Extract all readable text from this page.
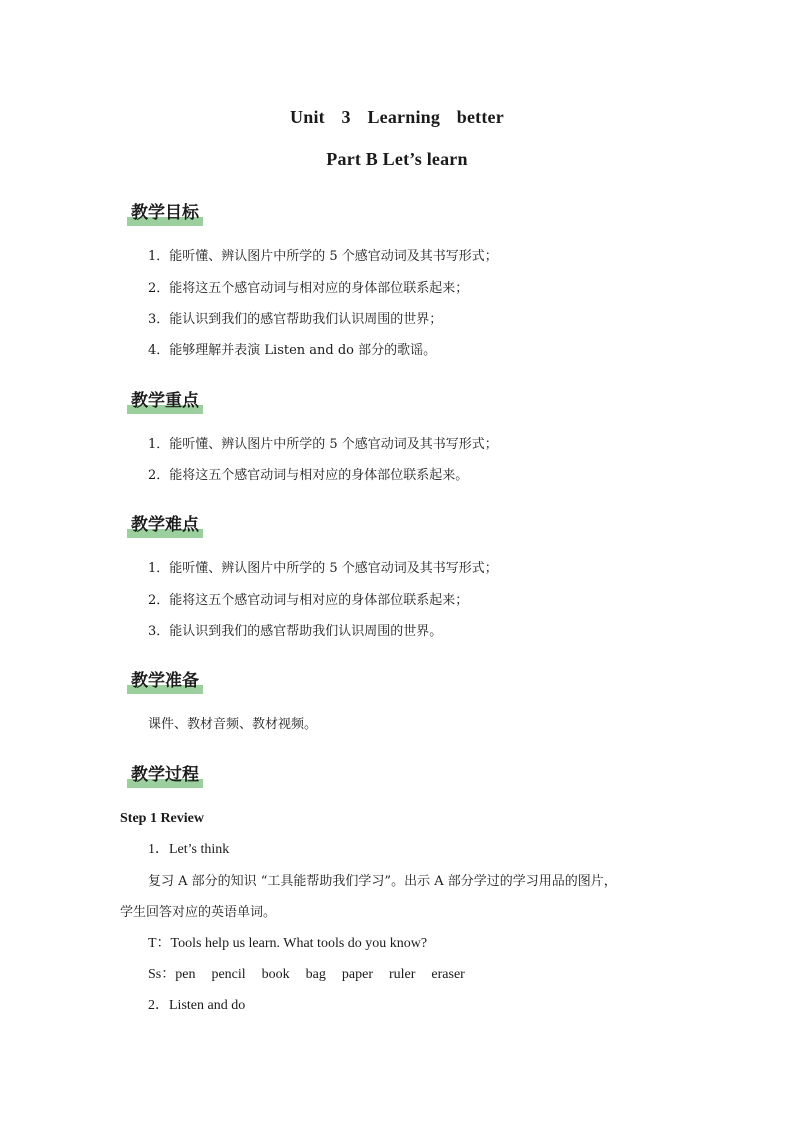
Unit 3 Learning better
Part B Let’s learn
教学目标
1．能听懂、辨认图片中所学的 5 个感官动词及其书写形式；
2．能将这五个感官动词与相对应的身体部位联系起来；
3．能认识到我们的感官帮助我们认识周围的世界；
4．能够理解并表演 Listen and do 部分的歌谣。
教学重点
1．能听懂、辨认图片中所学的 5 个感官动词及其书写形式；
2．能将这五个感官动词与相对应的身体部位联系起来。
教学难点
1．能听懂、辨认图片中所学的 5 个感官动词及其书写形式；
2．能将这五个感官动词与相对应的身体部位联系起来；
3．能认识到我们的感官帮助我们认识周围的世界。
教学准备
课件、教材音频、教材视频。
教学过程
Step 1 Review
1．Let’s think
复习 A 部分的知识 “工具能帮助我们学习”。出示 A 部分学过的学习用品的图片，
学生回答对应的英语单词。
T：Tools help us learn. What tools do you know?
Ss：pen pencil book bag paper ruler eraser
2．Listen and do
